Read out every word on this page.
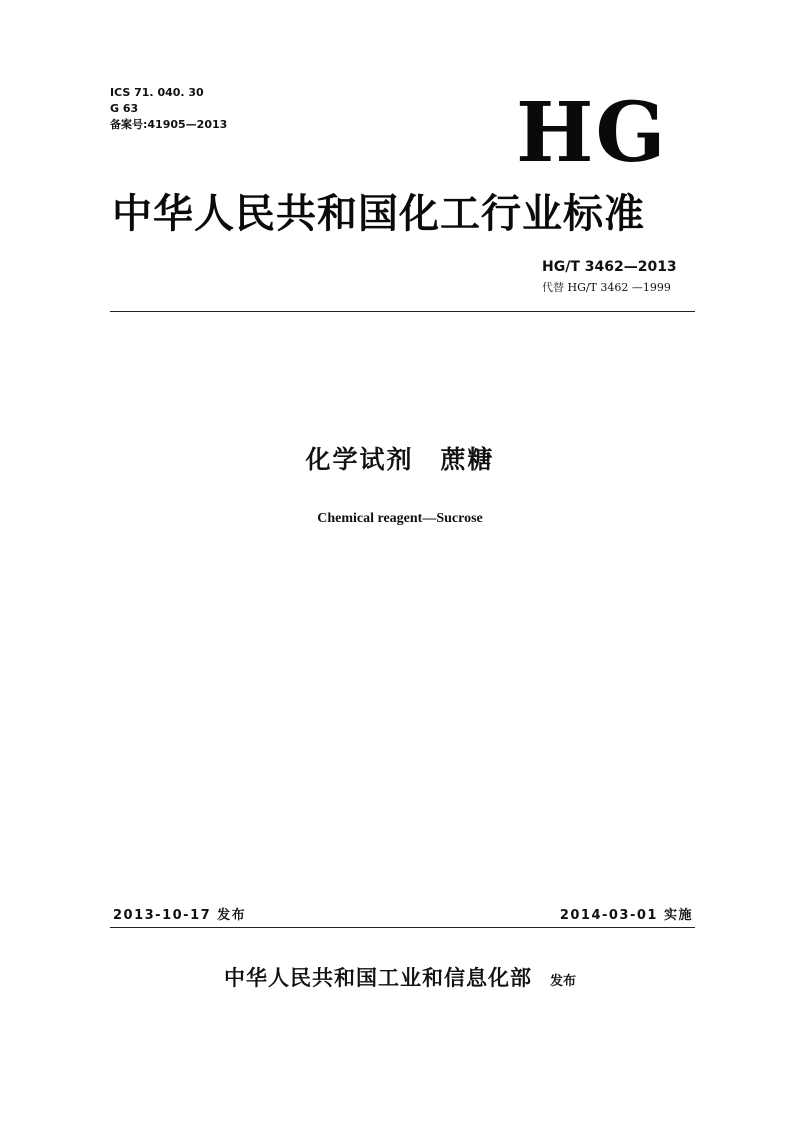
ICS 71. 040. 30
G 63
备案号:41905—2013	HG
中华人民共和国化工行业标准
HG/T 3462—2013
代替 HG/T 3462 —1999
化学试剂　蔗糖
Chemical reagent—Sucrose
2013-10-17 发布	2014-03-01 实施
中华人民共和国工业和信息化部 发布
